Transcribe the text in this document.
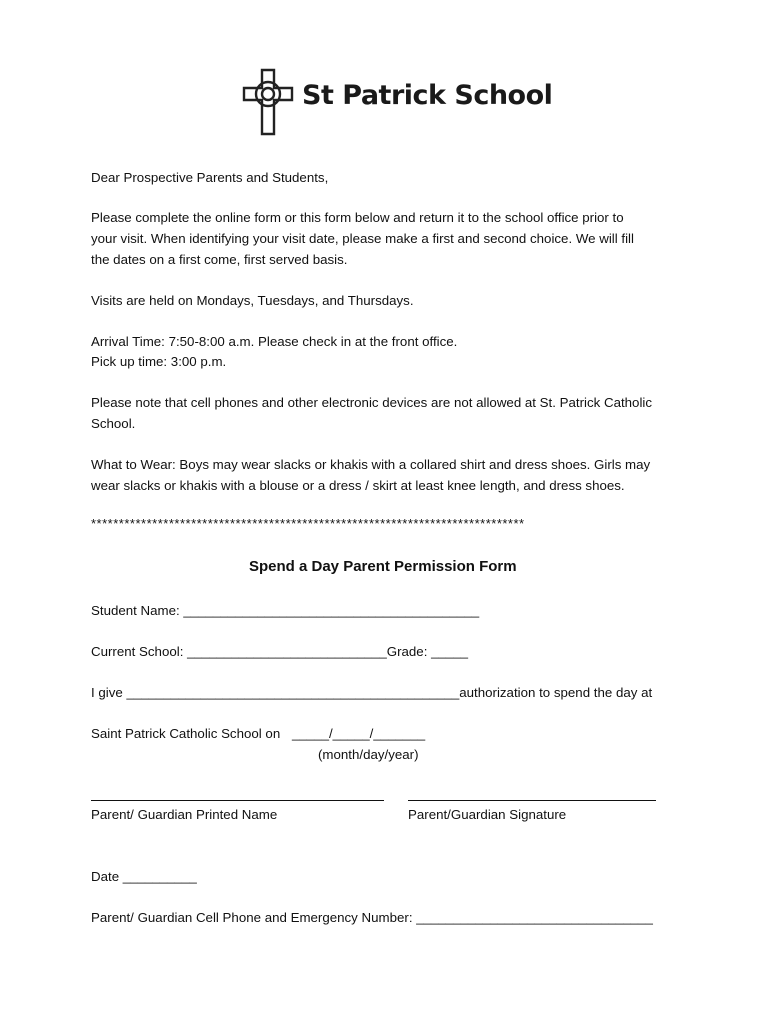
St Patrick School
Dear Prospective Parents and Students,
Please complete the online form or this form below and return it to the school office prior to
your visit. When identifying your visit date, please make a first and second choice. We will fill
the dates on a first come, first served basis.
Visits are held on Mondays, Tuesdays, and Thursdays.
Arrival Time: 7:50-8:00 a.m. Please check in at the front office.
Pick up time: 3:00 p.m.
Please note that cell phones and other electronic devices are not allowed at St. Patrick Catholic
School.
What to Wear: Boys may wear slacks or khakis with a collared shirt and dress shoes. Girls may
wear slacks or khakis with a blouse or a dress / skirt at least knee length, and dress shoes.
******************************************************************************
Spend a Day Parent Permission Form
Student Name: ________________________________________
Current School: ___________________________Grade: _____
I give _____________________________________________authorization to spend the day at
Saint Patrick Catholic School on _____/_____/_______
(month/day/year)
Parent/ Guardian Printed Name	Parent/Guardian Signature
Date __________
Parent/ Guardian Cell Phone and Emergency Number: ________________________________
